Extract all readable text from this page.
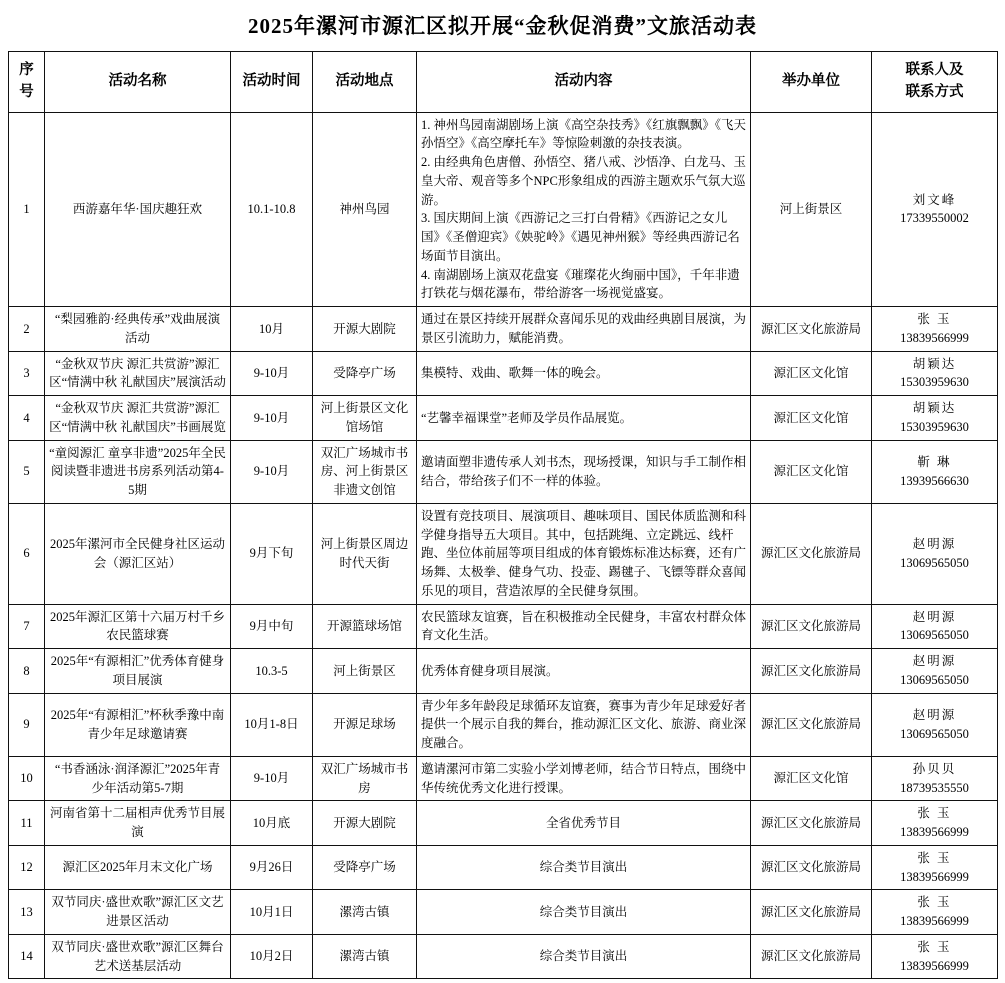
2025年漯河市源汇区拟开展“金秋促消费”文旅活动表
序号	活动名称	活动时间	活动地点	活动内容	举办单位	联系人及
联系方式

1	西游嘉年华·国庆趣狂欢	10.1-10.8	神州鸟园	1. 神州鸟园南湖剧场上演《高空杂技秀》《红旗飘飘》《飞天孙悟空》《高空摩托车》等惊险刺激的杂技表演。
2. 由经典角色唐僧、孙悟空、猪八戒、沙悟净、白龙马、玉皇大帝、观音等多个NPC形象组成的西游主题欢乐气氛大巡游。
3. 国庆期间上演《西游记之三打白骨精》《西游记之女儿国》《圣僧迎宾》《姎驼岭》《遇见神州猴》等经典西游记名场面节目演出。
4. 南湖剧场上演双花盘宴《璀璨花火绚丽中国》，千年非遗打铁花与烟花瀑布，带给游客一场视觉盛宴。	河上街景区	刘文峰
17339550002

2	“梨园雅韵·经典传承”戏曲展演活动	10月	开源大剧院	通过在景区持续开展群众喜闻乐见的戏曲经典剧目展演，为景区引流助力，赋能消费。	源汇区文化旅游局	张 玉
13839566999

3	“金秋双节庆 源汇共赏游”源汇区“情满中秋 礼献国庆”展演活动	9-10月	受降亭广场	集模特、戏曲、歌舞一体的晚会。	源汇区文化馆	胡颖达
15303959630

4	“金秋双节庆 源汇共赏游”源汇区“情满中秋 礼献国庆”书画展览	9-10月	河上街景区文化馆场馆	“艺馨幸福课堂”老师及学员作品展览。	源汇区文化馆	胡颖达
15303959630

5	“童阅源汇 童享非遗”2025年全民阅读暨非遗进书房系列活动第4-5期	9-10月	双汇广场城市书房、河上街景区非遗文创馆	邀请面塑非遗传承人刘书杰，现场授课，知识与手工制作相结合，带给孩子们不一样的体验。	源汇区文化馆	靳 琳
13939566630

6	2025年漯河市全民健身社区运动会（源汇区站）	9月下旬	河上街景区周边时代天街	设置有竞技项目、展演项目、趣味项目、国民体质监测和科学健身指导五大项目。其中，包括跳绳、立定跳远、线杆跑、坐位体前屈等项目组成的体育锻炼标准达标赛，还有广场舞、太极拳、健身气功、投壶、踢毽子、飞镖等群众喜闻乐见的项目，营造浓厚的全民健身氛围。	源汇区文化旅游局	赵明源
13069565050

7	2025年源汇区第十六届万村千乡农民篮球赛	9月中旬	开源篮球场馆	农民篮球友谊赛，旨在积极推动全民健身，丰富农村群众体育文化生活。	源汇区文化旅游局	赵明源
13069565050

8	2025年“有源相汇”优秀体育健身项目展演	10.3-5	河上街景区	优秀体育健身项目展演。	源汇区文化旅游局	赵明源
13069565050

9	2025年“有源相汇”杯秋季豫中南青少年足球邀请赛	10月1-8日	开源足球场	青少年多年龄段足球循环友谊赛，赛事为青少年足球爱好者提供一个展示自我的舞台，推动源汇区文化、旅游、商业深度融合。	源汇区文化旅游局	赵明源
13069565050

10	“书香涵泳·润泽源汇”2025年青少年活动第5-7期	9-10月	双汇广场城市书房	邀请漯河市第二实验小学刘博老师，结合节日特点，围绕中华传统优秀文化进行授课。	源汇区文化馆	孙贝贝
18739535550

11	河南省第十二届相声优秀节目展演	10月底	开源大剧院	全省优秀节目	源汇区文化旅游局	张 玉
13839566999

12	源汇区2025年月末文化广场	9月26日	受降亭广场	综合类节目演出	源汇区文化旅游局	张 玉
13839566999

13	双节同庆·盛世欢歌”源汇区文艺进景区活动	10月1日	漯湾古镇	综合类节目演出	源汇区文化旅游局	张 玉
13839566999

14	双节同庆·盛世欢歌”源汇区舞台艺术送基层活动	10月2日	漯湾古镇	综合类节目演出	源汇区文化旅游局	张 玉
13839566999
